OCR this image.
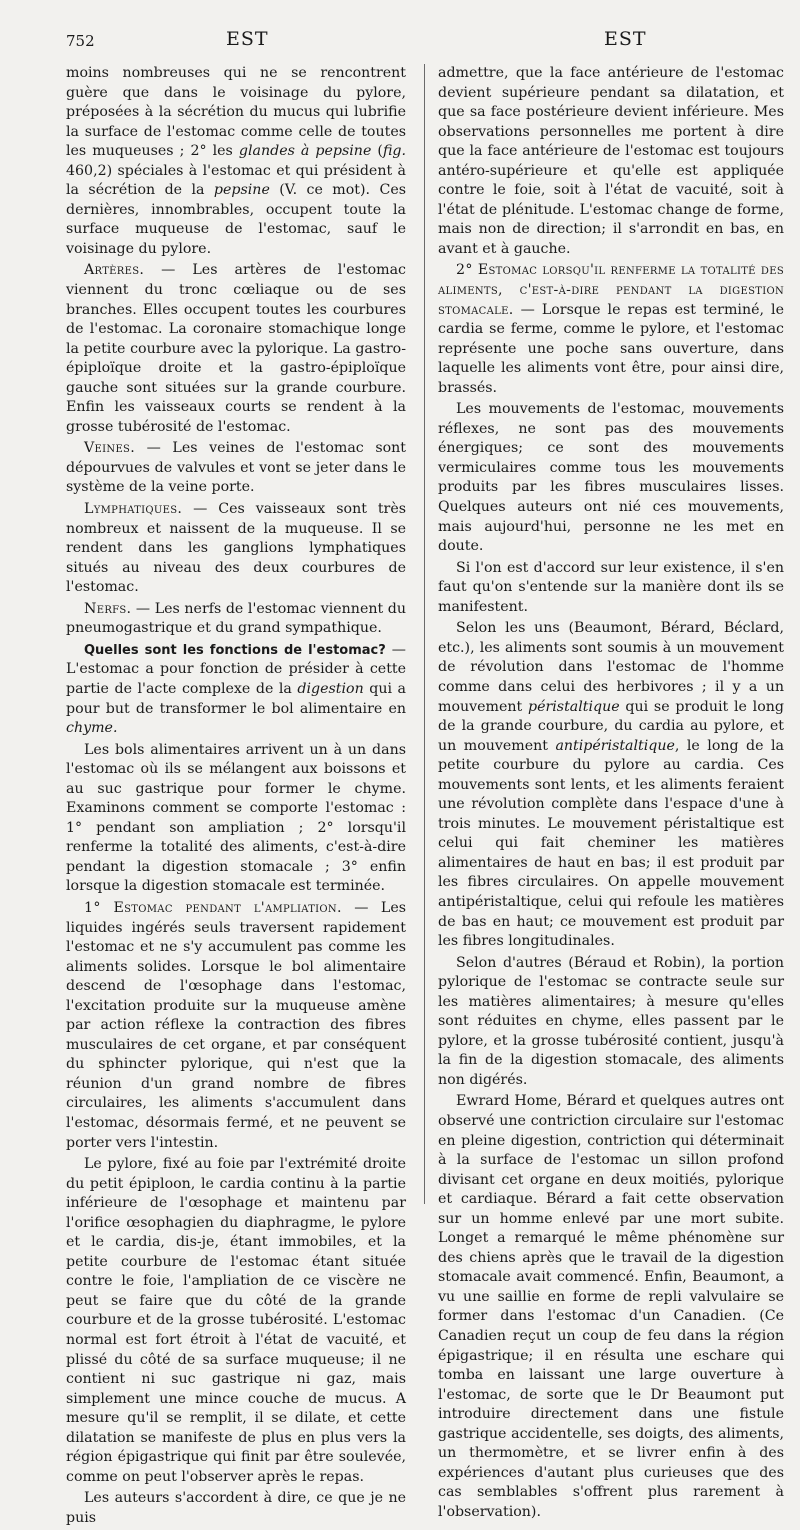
752	EST	EST

moins nombreuses qui ne se rencontrent guère que dans le voisinage du pylore, préposées à la sécrétion du mucus qui lubrifie la surface de l'estomac comme celle de toutes les muqueuses ; 2° les glandes à pepsine (fig. 460,2) spéciales à l'estomac et qui président à la sécrétion de la pepsine (V. ce mot). Ces dernières, innombrables, occupent toute la surface muqueuse de l'estomac, sauf le voisinage du pylore.

Artères. — Les artères de l'estomac viennent du tronc cœliaque ou de ses branches. Elles occupent toutes les courbures de l'estomac. La coronaire stomachique longe la petite courbure avec la pylorique. La gastro-épiploïque droite et la gastro-épiploïque gauche sont situées sur la grande courbure. Enfin les vaisseaux courts se rendent à la grosse tubérosité de l'estomac.

Veines. — Les veines de l'estomac sont dépourvues de valvules et vont se jeter dans le système de la veine porte.

Lymphatiques. — Ces vaisseaux sont très nombreux et naissent de la muqueuse. Il se rendent dans les ganglions lymphatiques situés au niveau des deux courbures de l'estomac.

Nerfs. — Les nerfs de l'estomac viennent du pneumogastrique et du grand sympathique.

Quelles sont les fonctions de l'estomac? — L'estomac a pour fonction de présider à cette partie de l'acte complexe de la digestion qui a pour but de transformer le bol alimentaire en chyme.

Les bols alimentaires arrivent un à un dans l'estomac où ils se mélangent aux boissons et au suc gastrique pour former le chyme. Examinons comment se comporte l'estomac : 1° pendant son ampliation ; 2° lorsqu'il renferme la totalité des aliments, c'est-à-dire pendant la digestion stomacale ; 3° enfin lorsque la digestion stomacale est terminée.

1° Estomac pendant l'ampliation. — Les liquides ingérés seuls traversent rapidement l'estomac et ne s'y accumulent pas comme les aliments solides. Lorsque le bol alimentaire descend de l'œsophage dans l'estomac, l'excitation produite sur la muqueuse amène par action réflexe la contraction des fibres musculaires de cet organe, et par conséquent du sphincter pylorique, qui n'est que la réunion d'un grand nombre de fibres circulaires, les aliments s'accumulent dans l'estomac, désormais fermé, et ne peuvent se porter vers l'intestin.

Le pylore, fixé au foie par l'extrémité droite du petit épiploon, le cardia continu à la partie inférieure de l'œsophage et maintenu par l'orifice œsophagien du diaphragme, le pylore et le cardia, dis-je, étant immobiles, et la petite courbure de l'estomac étant située contre le foie, l'ampliation de ce viscère ne peut se faire que du côté de la grande courbure et de la grosse tubérosité. L'estomac normal est fort étroit à l'état de vacuité, et plissé du côté de sa surface muqueuse; il ne contient ni suc gastrique ni gaz, mais simplement une mince couche de mucus. A mesure qu'il se remplit, il se dilate, et cette dilatation se manifeste de plus en plus vers la région épigastrique qui finit par être soulevée, comme on peut l'observer après le repas.

Les auteurs s'accordent à dire, ce que je ne puis

admettre, que la face antérieure de l'estomac devient supérieure pendant sa dilatation, et que sa face postérieure devient inférieure. Mes observations personnelles me portent à dire que la face antérieure de l'estomac est toujours antéro-supérieure et qu'elle est appliquée contre le foie, soit à l'état de vacuité, soit à l'état de plénitude. L'estomac change de forme, mais non de direction; il s'arrondit en bas, en avant et à gauche.

2° Estomac lorsqu'il renferme la totalité des aliments, c'est-à-dire pendant la digestion stomacale. — Lorsque le repas est terminé, le cardia se ferme, comme le pylore, et l'estomac représente une poche sans ouverture, dans laquelle les aliments vont être, pour ainsi dire, brassés.

Les mouvements de l'estomac, mouvements réflexes, ne sont pas des mouvements énergiques; ce sont des mouvements vermiculaires comme tous les mouvements produits par les fibres musculaires lisses. Quelques auteurs ont nié ces mouvements, mais aujourd'hui, personne ne les met en doute.

Si l'on est d'accord sur leur existence, il s'en faut qu'on s'entende sur la manière dont ils se manifestent.

Selon les uns (Beaumont, Bérard, Béclard, etc.), les aliments sont soumis à un mouvement de révolution dans l'estomac de l'homme comme dans celui des herbivores ; il y a un mouvement péristaltique qui se produit le long de la grande courbure, du cardia au pylore, et un mouvement antipéristaltique, le long de la petite courbure du pylore au cardia. Ces mouvements sont lents, et les aliments feraient une révolution complète dans l'espace d'une à trois minutes. Le mouvement péristaltique est celui qui fait cheminer les matières alimentaires de haut en bas; il est produit par les fibres circulaires. On appelle mouvement antipéristaltique, celui qui refoule les matières de bas en haut; ce mouvement est produit par les fibres longitudinales.

Selon d'autres (Béraud et Robin), la portion pylorique de l'estomac se contracte seule sur les matières alimentaires; à mesure qu'elles sont réduites en chyme, elles passent par le pylore, et la grosse tubérosité contient, jusqu'à la fin de la digestion stomacale, des aliments non digérés.

Ewrard Home, Bérard et quelques autres ont observé une contriction circulaire sur l'estomac en pleine digestion, contriction qui déterminait à la surface de l'estomac un sillon profond divisant cet organe en deux moitiés, pylorique et cardiaque. Bérard a fait cette observation sur un homme enlevé par une mort subite. Longet a remarqué le même phénomène sur des chiens après que le travail de la digestion stomacale avait commencé. Enfin, Beaumont, a vu une saillie en forme de repli valvulaire se former dans l'estomac d'un Canadien. (Ce Canadien reçut un coup de feu dans la région épigastrique; il en résulta une eschare qui tomba en laissant une large ouverture à l'estomac, de sorte que le Dr Beaumont put introduire directement dans une fistule gastrique accidentelle, ses doigts, des aliments, un thermomètre, et se livrer enfin à des expériences d'autant plus curieuses que des cas semblables s'offrent plus rarement à l'observation).
